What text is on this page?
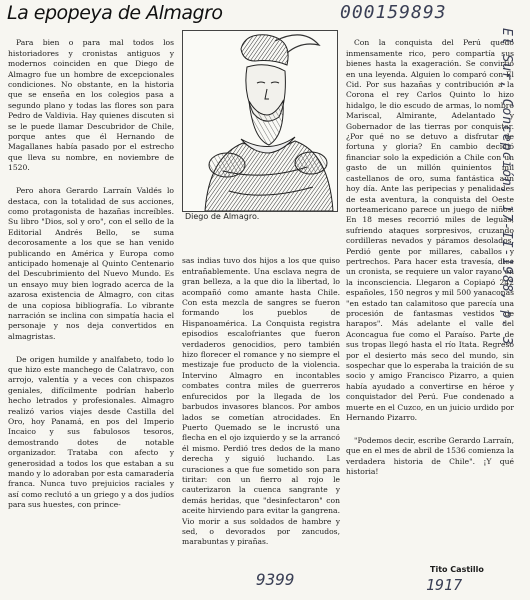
La epopeya de Almagro	000159893

Para bien o para mal todos los historiadores y cronistas antiguos y modernos coinciden en que Diego de Almagro fue un hombre de excepcionales condiciones. No obstante, en la historia que se enseña en los colegios pasa a segundo plano y todas las flores son para Pedro de Valdivia. Hay quienes discuten si se le puede llamar Descubridor de Chile, porque antes que él Hernando de Magallanes había pasado por el estrecho que lleva su nombre, en noviembre de 1520.

Pero ahora Gerardo Larraín Valdés lo destaca, con la totalidad de sus acciones, como protagonista de hazañas increíbles. Su libro "Dios, sol y oro", con el sello de la Editorial Andrés Bello, se suma decorosamente a los que se han venido publicando en América y Europa como anticipado homenaje al Quinto Centenario del Descubrimiento del Nuevo Mundo. Es un ensayo muy bien logrado acerca de la azarosa existencia de Almagro, con citas de una copiosa bibliografía. Lo vibrante narración se inclina con simpatía hacia el personaje y nos deja convertidos en almagristas.

De origen humilde y analfabeto, todo lo que hizo este manchego de Calatravo, con arrojo, valentía y a veces con chispazos geniales, difícilmente podrían haberlo hecho letrados y profesionales. Almagro realizó varios viajes desde Castilla del Oro, hoy Panamá, en pos del Imperio Incaico y sus fabulosos tesoros, demostrando dotes de notable organizador. Trataba con afecto y generosidad a todos los que estaban a su mando y lo adoraban por esta camaradería franca. Nunca tuvo prejuicios raciales y así como reclutó a un griego y a dos judíos para sus huestes, con prince-

Diego de Almagro.

sas indias tuvo dos hijos a los que quiso entrañablemente. Una esclava negra de gran belleza, a la que dio la libertad, lo acompañó como amante hasta Chile. Con esta mezcla de sangres se fueron formando los pueblos de Hispanoamérica. La Conquista registra episodios escalofriantes que fueron verdaderos genocidios, pero también hizo florecer el romance y no siempre el mestizaje fue producto de la violencia. Intervino Almagro en incontables combates contra miles de guerreros enfurecidos por la llegada de los barbudos invasores blancos. Por ambos lados se cometían atrocidades. En Puerto Quemado se le incrustó una flecha en el ojo izquierdo y se la arrancó él mismo. Perdió tres dedos de la mano derecha y siguió luchando. Las curaciones a que fue sometido son para tiritar: con un fierro al rojo le cauterizaron la cuenca sangrante y demás heridas, que "desinfectaron" con aceite hirviendo para evitar la gangrena. Vio morir a sus soldados de hambre y sed, o devorados por zancudos, marabuntas y pirañas.

Con la conquista del Perú quedó inmensamente rico, pero compartía sus bienes hasta la exageración. Se convirtió en una leyenda. Alguien lo comparó con El Cid. Por sus hazañas y contribución a la Corona el rey Carlos Quinto lo hizo hidalgo, le dio escudo de armas, lo nombró Mariscal, Almirante, Adelantado y Gobernador de las tierras por conquistar. ¿Por qué no se detuvo a disfrutar de fortuna y gloria? En cambio decidió financiar solo la expedición a Chile con un gasto de un millón quinientos mil castellanos de oro, suma fantástica aún hoy día. Ante las peripecias y penalidades de esta aventura, la conquista del Oeste norteamericano parece un juego de niños. En 18 meses recorrió miles de leguas, sufriendo ataques sorpresivos, cruzando cordilleras nevados y páramos desolados. Perdió gente por millares, caballos y pertrechos. Para hacer esta travesía, dice un cronista, se requiere un valor rayano en la inconsciencia. Llegaron a Copiapó 242 españoles, 150 negros y mil 500 yanaconas "en estado tan calamitoso que parecía una procesión de fantasmas vestidos de harapos". Más adelante el valle del Aconcagua fue como el Paraíso. Parte de sus tropas llegó hasta el río Itata. Regresó por el desierto más seco del mundo, sin sospechar que lo esperaba la traición de su socio y amigo Francisco Pizarro, a quien había ayudado a convertirse en héroe y conquistador del Perú. Fue condenado a muerte en el Cuzco, en un juicio urdido por Hernando Pizarro.

"Podemos decir, escribe Gerardo Larraín, que en el mes de abril de 1536 comienza la verdadera historia de Chile". ¡Y qué historia!

Tito Castillo
El Sur, Concepción, 17-II-1988, p. 3
9399	1917
